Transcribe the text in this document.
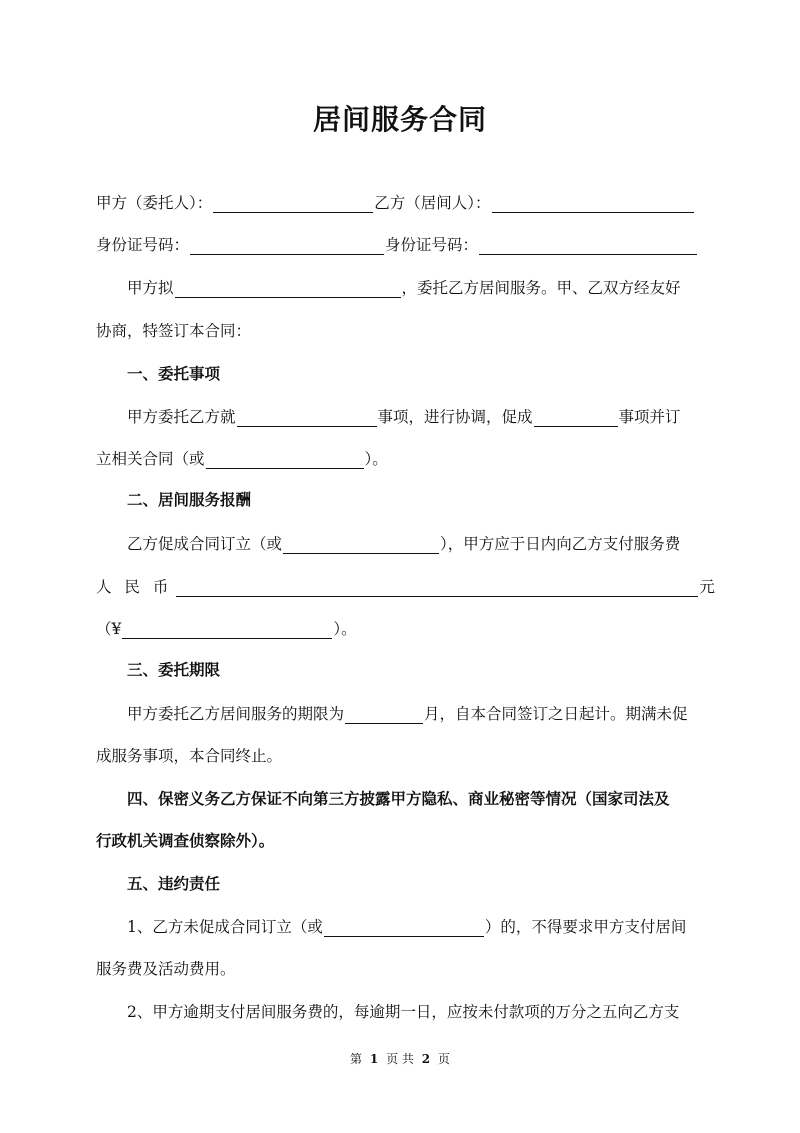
居间服务合同
甲方（委托人）：	乙方（居间人）：
身份证号码：	身份证号码：
甲方拟	，委托乙方居间服务。甲、乙双方经友好
协商，特签订本合同：
一、委托事项
甲方委托乙方就	事项，进行协调，促成	事项并订
立相关合同（或	）。
二、居间服务报酬
乙方促成合同订立（或	），甲方应于日内向乙方支付服务费
人 民 币	元
（¥	）。
三、委托期限
甲方委托乙方居间服务的期限为	月，自本合同签订之日起计。期满未促
成服务事项，本合同终止。
四、保密义务乙方保证不向第三方披露甲方隐私、商业秘密等情况（国家司法及
行政机关调查侦察除外）。
五、违约责任
1、乙方未促成合同订立（或	）的，不得要求甲方支付居间
服务费及活动费用。
2、甲方逾期支付居间服务费的，每逾期一日，应按未付款项的万分之五向乙方支
第 1 页 共 2 页
